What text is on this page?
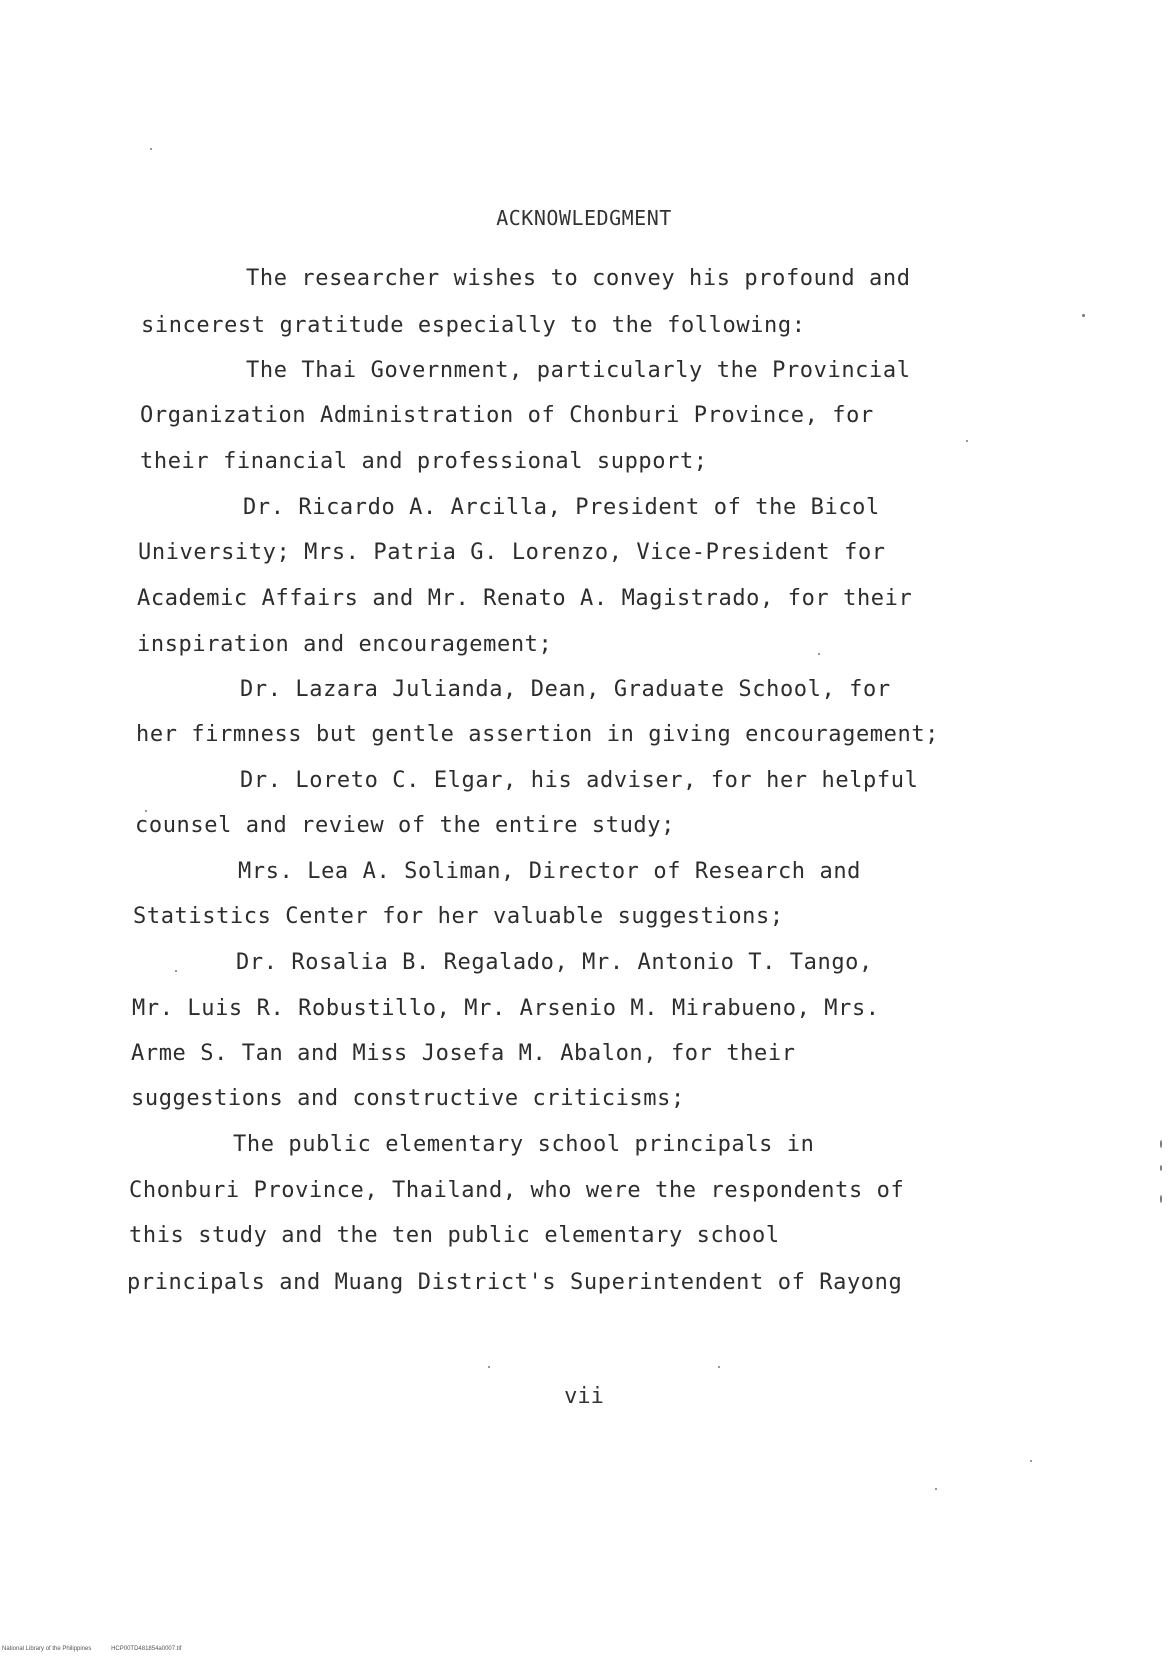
ACKNOWLEDGMENT
The researcher wishes to convey his profound and
sincerest gratitude especially to the following:
The Thai Government, particularly the Provincial
Organization Administration of Chonburi Province, for
their financial and professional support;
Dr. Ricardo A. Arcilla, President of the Bicol
University; Mrs. Patria G. Lorenzo, Vice-President for
Academic Affairs and Mr. Renato A. Magistrado, for their
inspiration and encouragement;
Dr. Lazara Julianda, Dean, Graduate School, for
her firmness but gentle assertion in giving encouragement;
Dr. Loreto C. Elgar, his adviser, for her helpful
counsel and review of the entire study;
Mrs. Lea A. Soliman, Director of Research and
Statistics Center for her valuable suggestions;
Dr. Rosalia B. Regalado, Mr. Antonio T. Tango,
Mr. Luis R. Robustillo, Mr. Arsenio M. Mirabueno, Mrs.
Arme S. Tan and Miss Josefa M. Abalon, for their
suggestions and constructive criticisms;
The public elementary school principals in
Chonburi Province, Thailand, who were the respondents of
this study and the ten public elementary school
principals and Muang District's Superintendent of Rayong
vii
National Library of the Philippines	HCP00TD481854a0007.tif
